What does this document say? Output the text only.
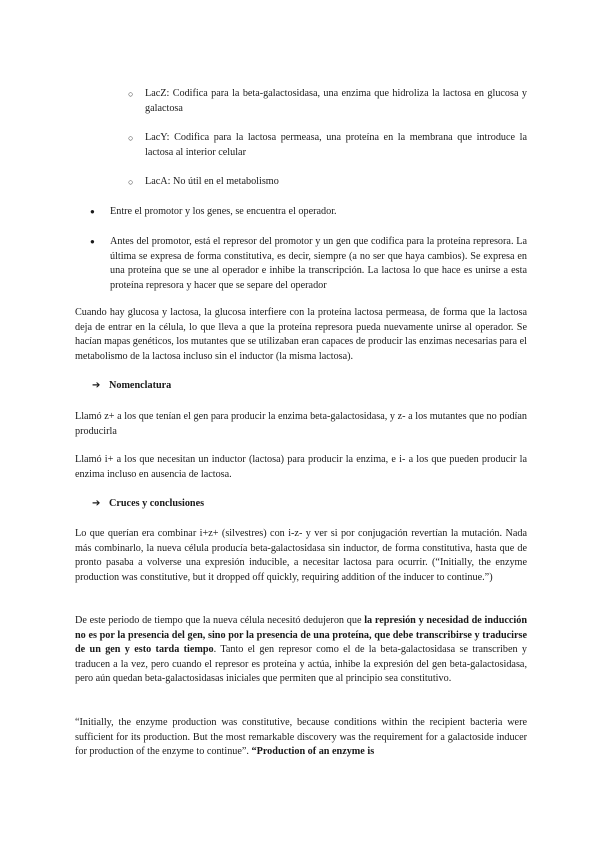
○ LacZ: Codifica para la beta-galactosidasa, una enzima que hidroliza la lactosa en glucosa y galactosa
○ LacY: Codifica para la lactosa permeasa, una proteína en la membrana que introduce la lactosa al interior celular
○ LacA: No útil en el metabolismo
● Entre el promotor y los genes, se encuentra el operador.
● Antes del promotor, está el represor del promotor y un gen que codifica para la proteína represora. La última se expresa de forma constitutiva, es decir, siempre (a no ser que haya cambios). Se expresa en una proteína que se une al operador e inhibe la transcripción. La lactosa lo que hace es unirse a esta proteína represora y hacer que se separe del operador
Cuando hay glucosa y lactosa, la glucosa interfiere con la proteína lactosa permeasa, de forma que la lactosa deja de entrar en la célula, lo que lleva a que la proteína represora pueda nuevamente unirse al operador. Se hacían mapas genéticos, los mutantes que se utilizaban eran capaces de producir las enzimas necesarias para el metabolismo de la lactosa incluso sin el inductor (la misma lactosa).
➔ Nomenclatura
Llamó z+ a los que tenían el gen para producir la enzima beta-galactosidasa, y z- a los mutantes que no podían producirla
Llamó i+ a los que necesitan un inductor (lactosa) para producir la enzima, e i- a los que pueden producir la enzima incluso en ausencia de lactosa.
➔ Cruces y conclusiones
Lo que querían era combinar i+z+ (silvestres) con i-z- y ver si por conjugación revertían la mutación. Nada más combinarlo, la nueva célula producía beta-galactosidasa sin inductor, de forma constitutiva, hasta que de pronto pasaba a volverse una expresión inducible, a necesitar lactosa para ocurrir. (“Initially, the enzyme production was constitutive, but it dropped off quickly, requiring addition of the inducer to continue.”)
De este periodo de tiempo que la nueva célula necesitó dedujeron que la represión y necesidad de inducción no es por la presencia del gen, sino por la presencia de una proteína, que debe transcribirse y traducirse de un gen y esto tarda tiempo. Tanto el gen represor como el de la beta-galactosidasa se transcriben y traducen a la vez, pero cuando el represor es proteína y actúa, inhibe la expresión del gen beta-galactosidasa, pero aún quedan beta-galactosidasas iniciales que permiten que al principio sea constitutivo.
“Initially, the enzyme production was constitutive, because conditions within the recipient bacteria were sufficient for its production. But the most remarkable discovery was the requirement for a galactoside inducer for production of the enzyme to continue”. “Production of an enzyme is
